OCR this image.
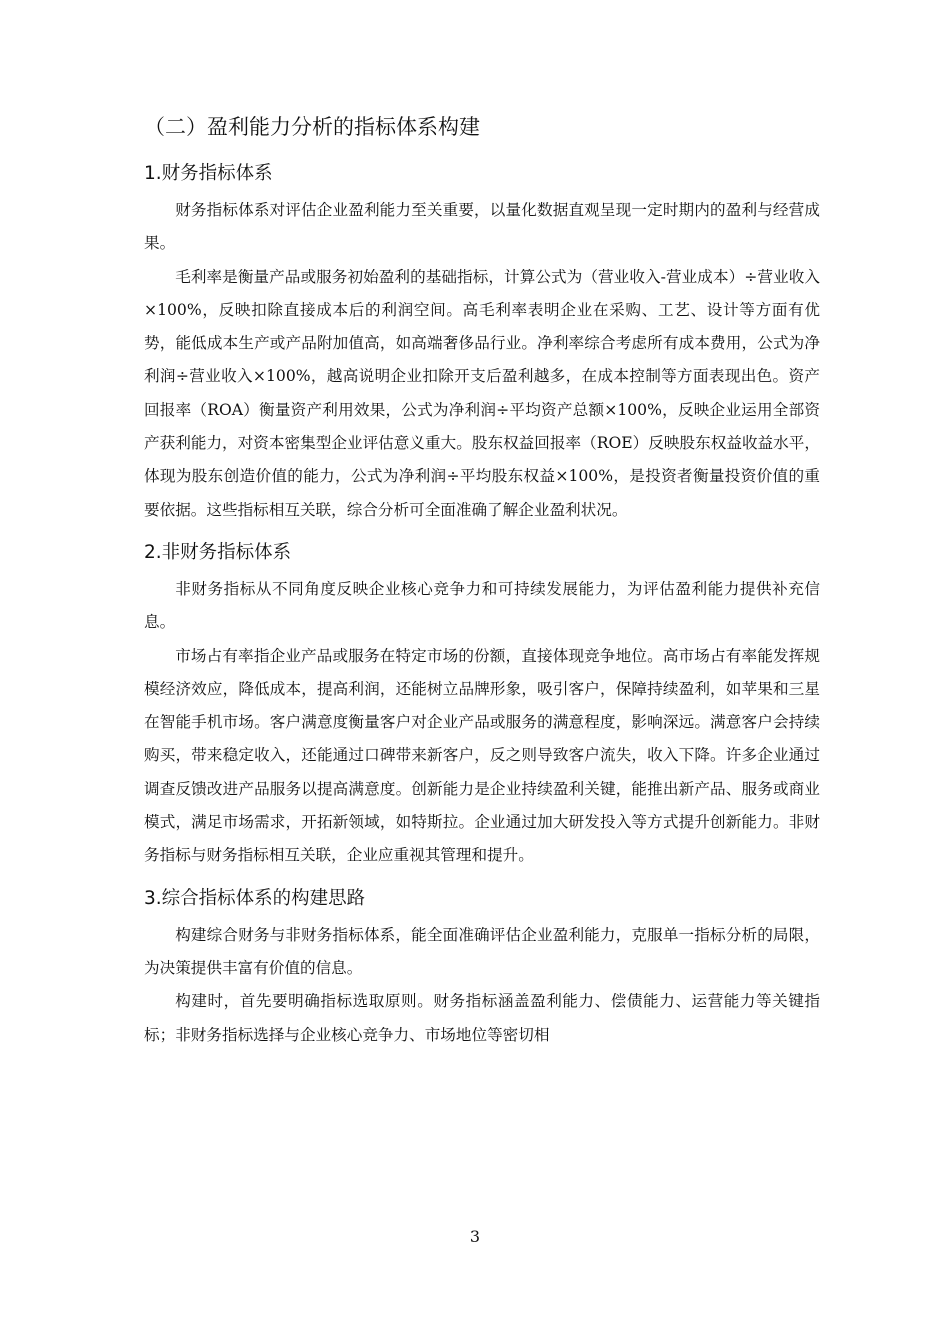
（二）盈利能力分析的指标体系构建
1.财务指标体系

财务指标体系对评估企业盈利能力至关重要，以量化数据直观呈现一定时期内的盈利与经营成果。

毛利率是衡量产品或服务初始盈利的基础指标，计算公式为（营业收入-营业成本）÷营业收入×100%，反映扣除直接成本后的利润空间。高毛利率表明企业在采购、工艺、设计等方面有优势，能低成本生产或产品附加值高，如高端奢侈品行业。净利率综合考虑所有成本费用，公式为净利润÷营业收入×100%，越高说明企业扣除开支后盈利越多，在成本控制等方面表现出色。资产回报率（ROA）衡量资产利用效果，公式为净利润÷平均资产总额×100%，反映企业运用全部资产获利能力，对资本密集型企业评估意义重大。股东权益回报率（ROE）反映股东权益收益水平，体现为股东创造价值的能力，公式为净利润÷平均股东权益×100%，是投资者衡量投资价值的重要依据。这些指标相互关联，综合分析可全面准确了解企业盈利状况。

2.非财务指标体系

非财务指标从不同角度反映企业核心竞争力和可持续发展能力，为评估盈利能力提供补充信息。

市场占有率指企业产品或服务在特定市场的份额，直接体现竞争地位。高市场占有率能发挥规模经济效应，降低成本，提高利润，还能树立品牌形象，吸引客户，保障持续盈利，如苹果和三星在智能手机市场。客户满意度衡量客户对企业产品或服务的满意程度，影响深远。满意客户会持续购买，带来稳定收入，还能通过口碑带来新客户，反之则导致客户流失，收入下降。许多企业通过调查反馈改进产品服务以提高满意度。创新能力是企业持续盈利关键，能推出新产品、服务或商业模式，满足市场需求，开拓新领域，如特斯拉。企业通过加大研发投入等方式提升创新能力。非财务指标与财务指标相互关联，企业应重视其管理和提升。

3.综合指标体系的构建思路

构建综合财务与非财务指标体系，能全面准确评估企业盈利能力，克服单一指标分析的局限，为决策提供丰富有价值的信息。

构建时，首先要明确指标选取原则。财务指标涵盖盈利能力、偿债能力、运营能力等关键指标；非财务指标选择与企业核心竞争力、市场地位等密切相

3
